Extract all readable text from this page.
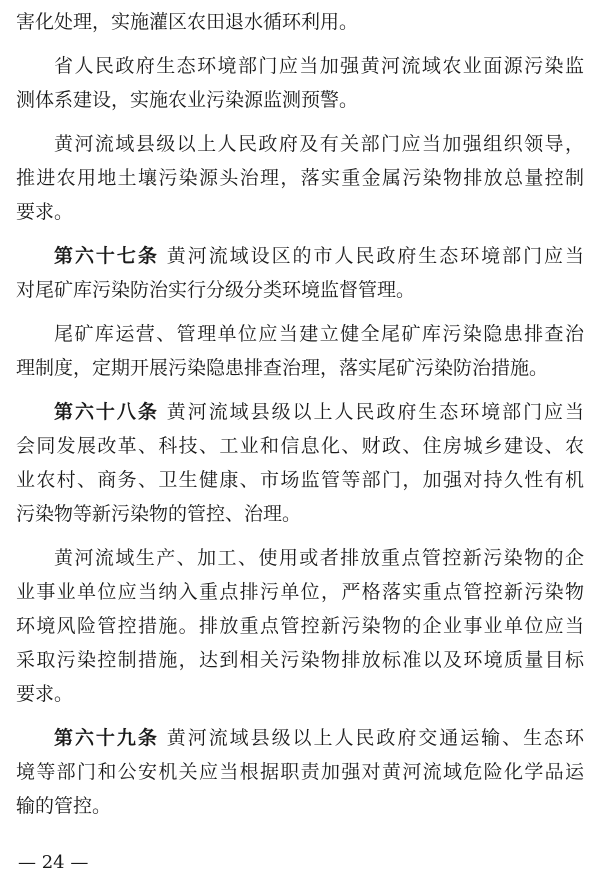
害化处理，实施灌区农田退水循环利用。
省人民政府生态环境部门应当加强黄河流域农业面源污染监
测体系建设，实施农业污染源监测预警。
黄河流域县级以上人民政府及有关部门应当加强组织领导，
推进农用地土壤污染源头治理，落实重金属污染物排放总量控制
要求。
第六十七条 黄河流域设区的市人民政府生态环境部门应当
对尾矿库污染防治实行分级分类环境监督管理。
尾矿库运营、管理单位应当建立健全尾矿库污染隐患排查治
理制度，定期开展污染隐患排查治理，落实尾矿污染防治措施。
第六十八条 黄河流域县级以上人民政府生态环境部门应当
会同发展改革、科技、工业和信息化、财政、住房城乡建设、农
业农村、商务、卫生健康、市场监管等部门，加强对持久性有机
污染物等新污染物的管控、治理。
黄河流域生产、加工、使用或者排放重点管控新污染物的企
业事业单位应当纳入重点排污单位，严格落实重点管控新污染物
环境风险管控措施。排放重点管控新污染物的企业事业单位应当
采取污染控制措施，达到相关污染物排放标准以及环境质量目标
要求。
第六十九条 黄河流域县级以上人民政府交通运输、生态环
境等部门和公安机关应当根据职责加强对黄河流域危险化学品运
输的管控。
— 24 —
